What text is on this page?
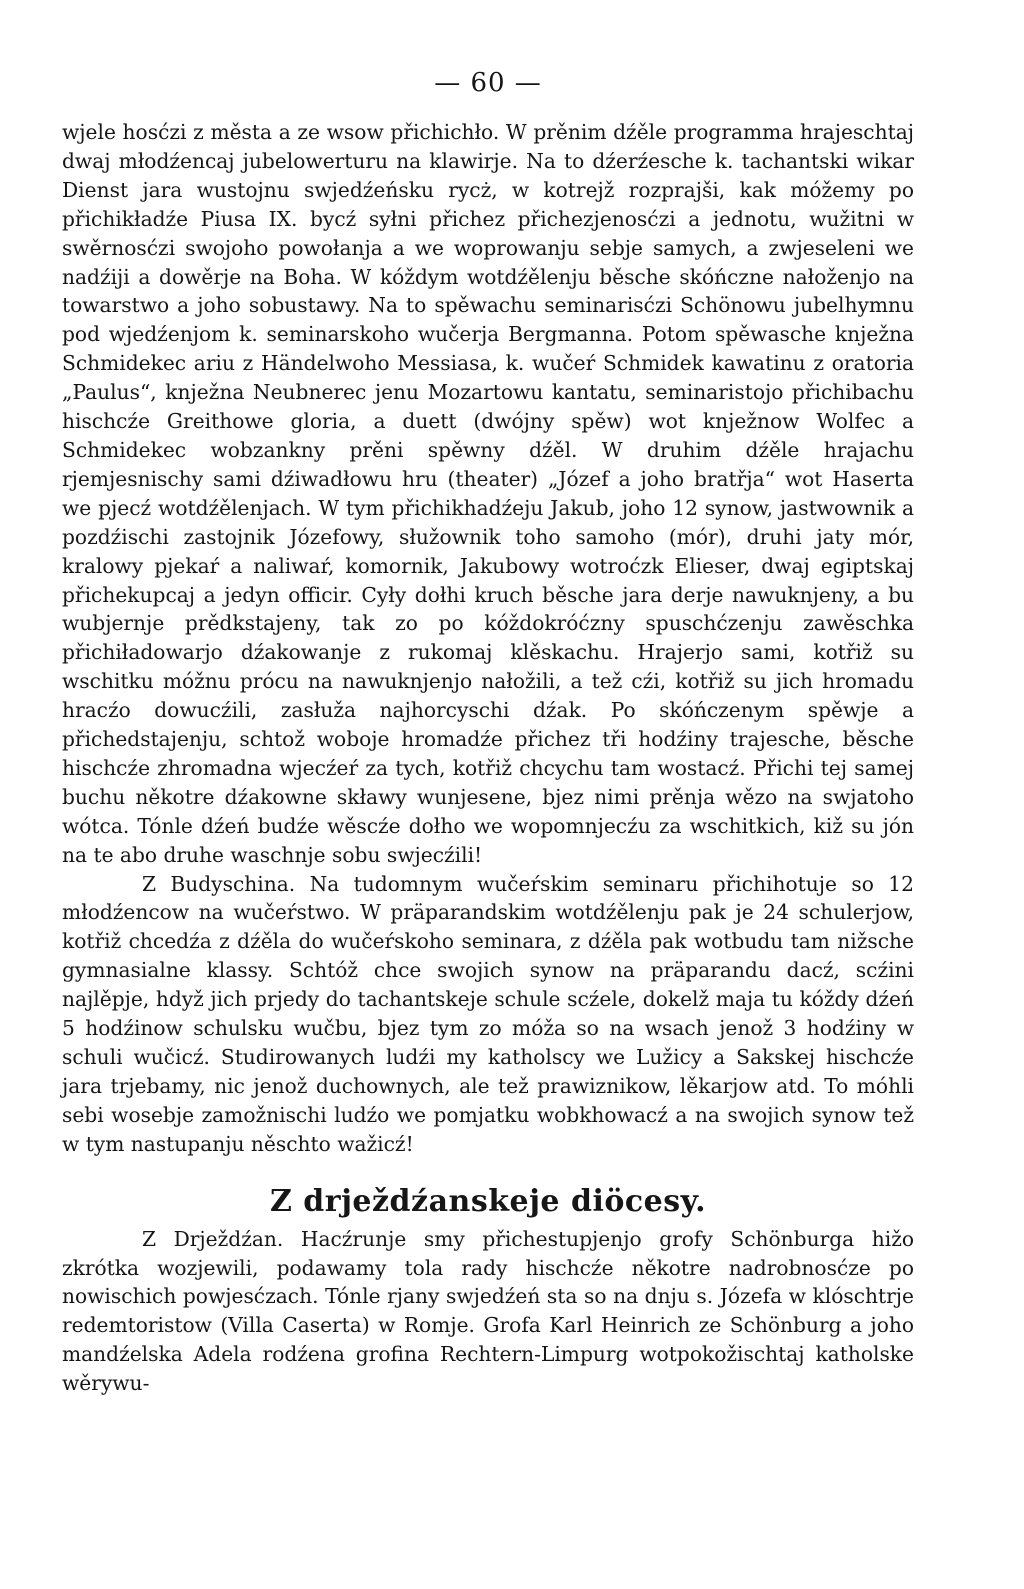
— 60 —

wjele hosćzi z města a ze wsow přichichło. W prěnim dźěle programma hrajeschtaj dwaj młodźencaj jubelowerturu na klawirje. Na to dźerźesche k. tachantski wikar Dienst jara wustojnu swjedźeńsku rycż, w kotrejž rozprajši, kak móžemy po přichikładźe Piusa IX. bycź syłni přichez přichezjenosćzi a jednotu, wužitni w swěrnosćzi swojoho powołanja a we woprowanju sebje samych, a zwjeseleni we nadźiji a dowěrje na Boha. W kóždym wotdźělenju běsche skóńczne nałoženjo na towarstwo a joho sobustawy. Na to spěwachu seminarisćzi Schönowu jubelhymnu pod wjedźenjom k. seminarskoho wučerja Bergmanna. Potom spěwasche knježna Schmidekec ariu z Händelwoho Messiasa, k. wučeŕ Schmidek kawatinu z oratoria „Paulus“, knježna Neubnerec jenu Mozartowu kantatu, seminaristojo přichibachu hischcźe Greithowe gloria, a duett (dwójny spěw) wot knježnow Wolfec a Schmidekec wobzankny prěni spěwny dźěl. W druhim dźěle hrajachu rjemjesnischy sami dźiwadłowu hru (theater) „Józef a joho bratřja“ wot Haserta we pjecź wotdźělenjach. W tym přichikhadźeju Jakub, joho 12 synow, jastwownik a pozdźischi zastojnik Józefowy, słužownik toho samoho (mór), druhi jaty mór, kralowy pjekaŕ a naliwaŕ, komornik, Jakubowy wotroćzk Elieser, dwaj egiptskaj přichekupcaj a jedyn officir. Cyły dołhi kruch běsche jara derje nawuknjeny, a bu wubjernje prědkstajeny, tak zo po kóždokróćzny spuschćzenju zawěschka přichiładowarjo dźakowanje z rukomaj klěskachu. Hrajerjo sami, kotřiž su wschitku móžnu prócu na nawuknjenjo nałožili, a tež cźi, kotřiž su jich hromadu hracźo dowucźili, zasłuža najhorcyschi dźak. Po skóńczenym spěwje a přichedstajenju, schtož woboje hromadźe přichez tři hodźiny trajesche, běsche hischcźe zhromadna wjecźeŕ za tych, kotřiž chcychu tam wostacź. Přichi tej samej buchu někotre dźakowne skławy wunjesene, bjez nimi prěnja wězo na swjatoho wótca. Tónle dźeń budźe wěscźe dołho we wopomnjecźu za wschitkich, kiž su jón na te abo druhe waschnje sobu swjecźili!

Z Budyschina. Na tudomnym wučeŕskim seminaru přichihotuje so 12 młodźencow na wučeŕstwo. W präparandskim wotdźělenju pak je 24 schulerjow, kotřiž chcedźa z dźěla do wučeŕskoho seminara, z dźěla pak wotbudu tam nižsche gymnasialne klassy. Schtóž chce swojich synow na präparandu dacź, scźini najlěpje, hdyž jich prjedy do tachantskeje schule scźele, dokelž maja tu kóždy dźeń 5 hodźinow schulsku wučbu, bjez tym zo móža so na wsach jenož 3 hodźiny w schuli wučicź. Studirowanych ludźi my katholscy we Lužicy a Sakskej hischcźe jara trjebamy, nic jenož duchownych, ale tež prawiznikow, lěkarjow atd. To móhli sebi wosebje zamožnischi ludźo we pomjatku wobkhowacź a na swojich synow tež w tym nastupanju něschto wažicź!

Z drježdźanskeje diöcesy.

Z Drježdźan. Hacźrunje smy přichestupjenjo grofy Schönburga hižo zkrótka wozjewili, podawamy tola rady hischcźe někotre nadrobnosćze po nowischich powjesćzach. Tónle rjany swjedźeń sta so na dnju s. Józefa w klóschtrje redemtoristow (Villa Caserta) w Romje. Grofa Karl Heinrich ze Schönburg a joho mandźelska Adela rodźena grofina Rechtern-Limpurg wotpokožischtaj katholske wěrywu-
